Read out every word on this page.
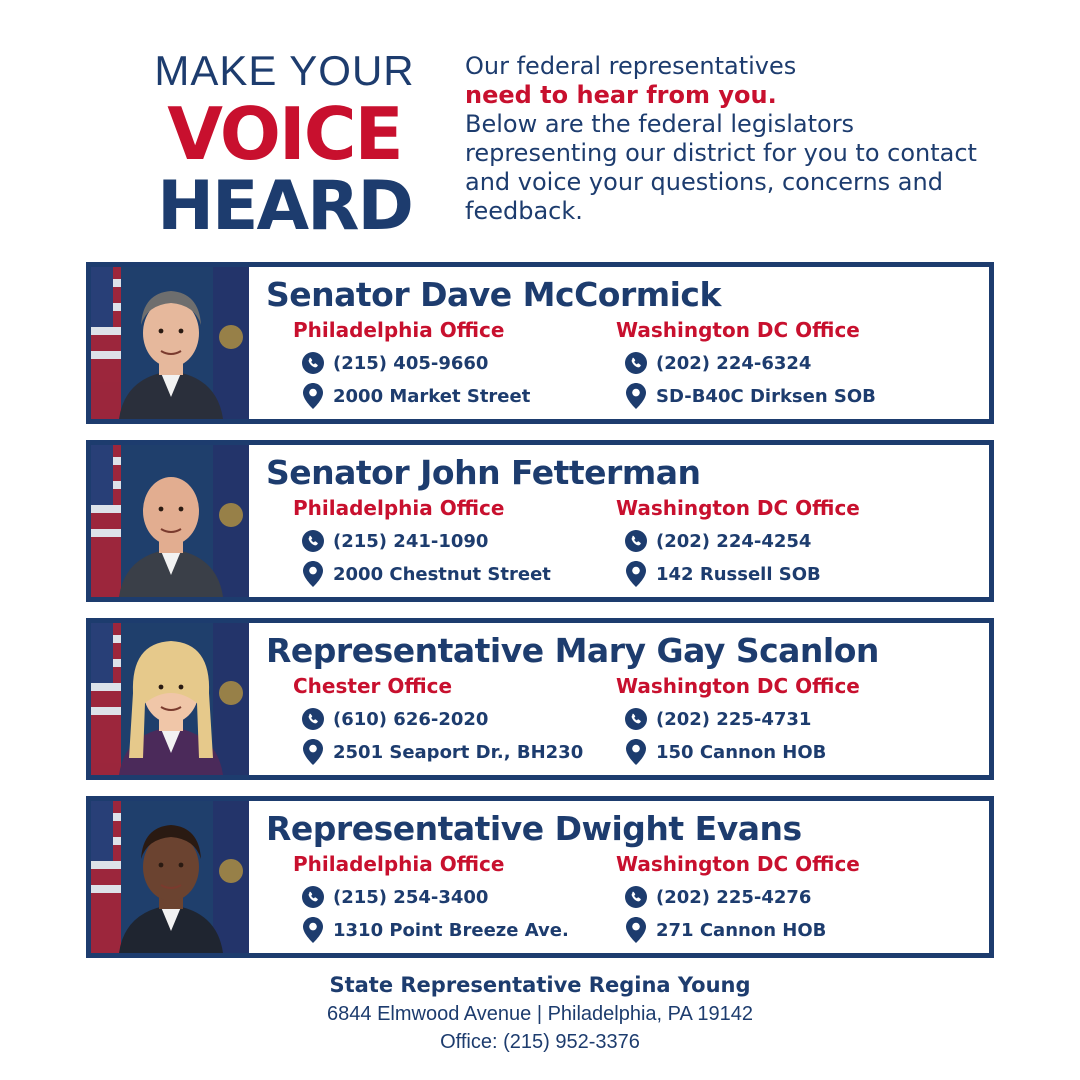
MAKE YOUR
VOICE
HEARD
Our federal representatives
need to hear from you.
Below are the federal legislators representing our district for you to contact and voice your questions, concerns and feedback.
Senator Dave McCormick
Philadelphia Office
(215) 405-9660
2000 Market Street
Washington DC Office
(202) 224-6324
SD-B40C Dirksen SOB
Senator John Fetterman
Philadelphia Office
(215) 241-1090
2000 Chestnut Street
Washington DC Office
(202) 224-4254
142 Russell SOB
Representative Mary Gay Scanlon
Chester Office
(610) 626-2020
2501 Seaport Dr., BH230
Washington DC Office
(202) 225-4731
150 Cannon HOB
Representative Dwight Evans
Philadelphia Office
(215) 254-3400
1310 Point Breeze Ave.
Washington DC Office
(202) 225-4276
271 Cannon HOB
State Representative Regina Young
6844 Elmwood Avenue | Philadelphia, PA 19142
Office: (215) 952-3376
